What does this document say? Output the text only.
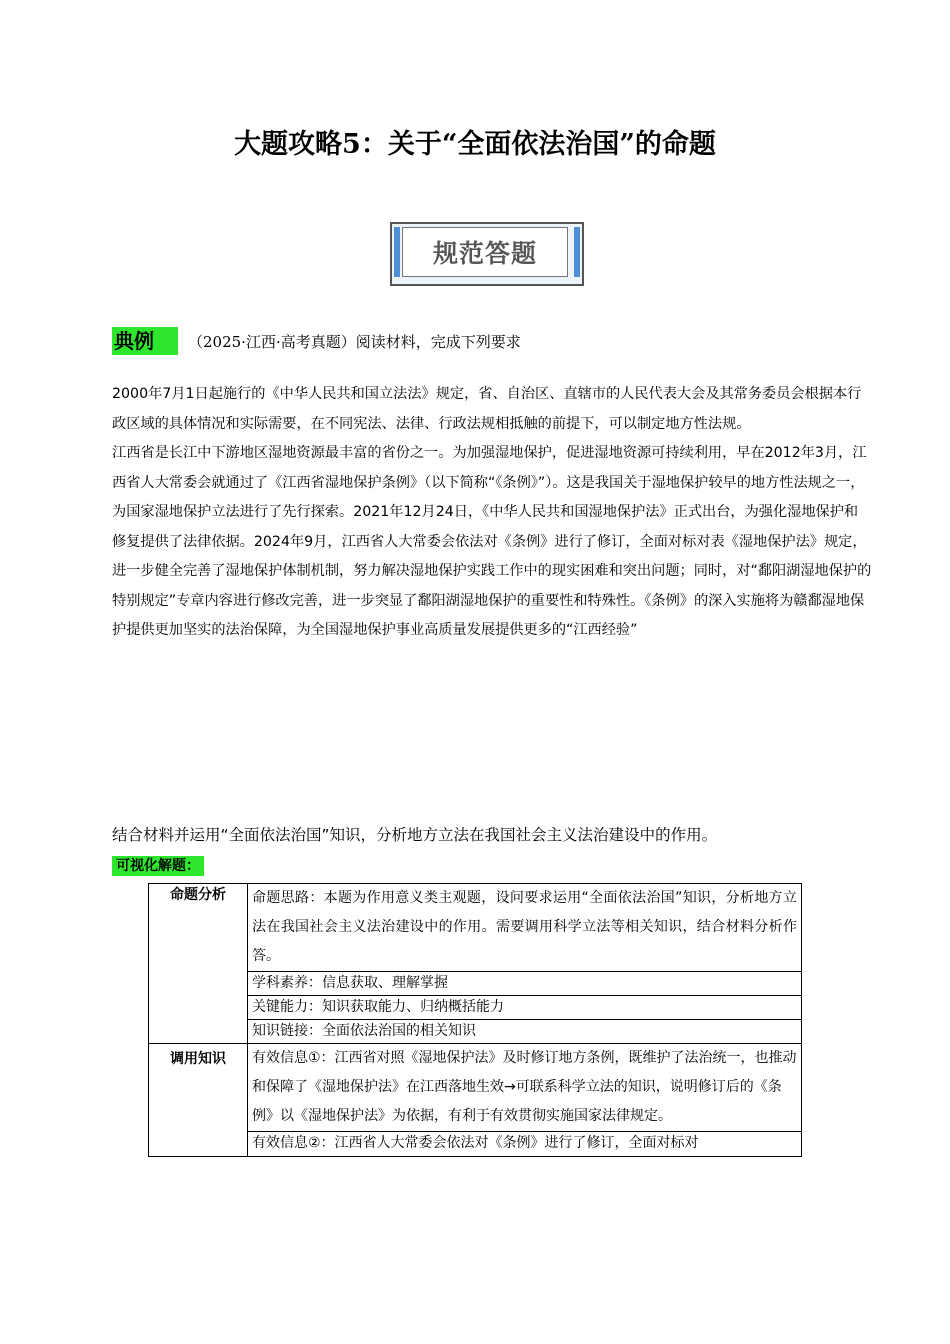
大题攻略5：关于“全面依法治国”的命题
规范答题
典例	（2025·江西·高考真题）阅读材料，完成下列要求

2000年7月1日起施行的《中华人民共和国立法法》规定，省、自治区、直辖市的人民代表大会及其常务委员会根据本行政区域的具体情况和实际需要，在不同宪法、法律、行政法规相抵触的前提下，可以制定地方性法规。

江西省是长江中下游地区湿地资源最丰富的省份之一。为加强湿地保护，促进湿地资源可持续利用，早在2012年3月，江西省人大常委会就通过了《江西省湿地保护条例》（以下简称“《条例》”）。这是我国关于湿地保护较早的地方性法规之一，为国家湿地保护立法进行了先行探索。2021年12月24日，《中华人民共和国湿地保护法》正式出台，为强化湿地保护和修复提供了法律依据。2024年9月，江西省人大常委会依法对《条例》进行了修订，全面对标对表《湿地保护法》规定，进一步健全完善了湿地保护体制机制，努力解决湿地保护实践工作中的现实困难和突出问题；同时，对“鄱阳湖湿地保护的特别规定”专章内容进行修改完善，进一步突显了鄱阳湖湿地保护的重要性和特殊性。《条例》的深入实施将为赣鄱湿地保护提供更加坚实的法治保障，为全国湿地保护事业高质量发展提供更多的“江西经验”

结合材料并运用“全面依法治国”知识，分析地方立法在我国社会主义法治建设中的作用。
可视化解题：
命题分析	命题思路：本题为作用意义类主观题，设问要求运用“全面依法治国”知识，分析地方立法在我国社会主义法治建设中的作用。需要调用科学立法等相关知识，结合材料分析作答。
	学科素养：信息获取、理解掌握
	关键能力：知识获取能力、归纳概括能力
	知识链接：全面依法治国的相关知识
调用知识	有效信息①：江西省对照《湿地保护法》及时修订地方条例，既维护了法治统一，也推动和保障了《湿地保护法》在江西落地生效→可联系科学立法的知识，说明修订后的《条例》以《湿地保护法》为依据，有利于有效贯彻实施国家法律规定。
	有效信息②：江西省人大常委会依法对《条例》进行了修订，全面对标对
